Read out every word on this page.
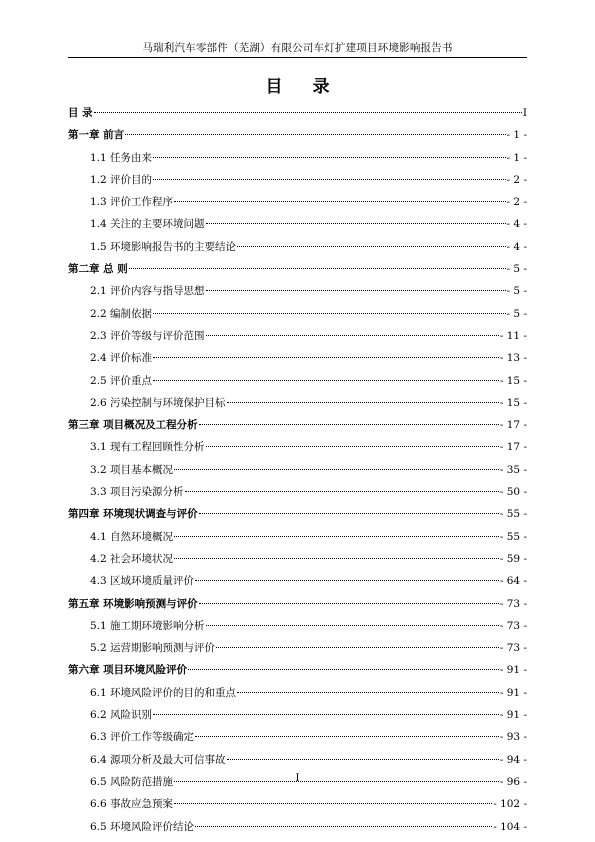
马瑞利汽车零部件（芜湖）有限公司车灯扩建项目环境影响报告书
目 录
目 录	I
第一章 前言	- 1 -
1.1 任务由来	- 1 -
1.2 评价目的	- 2 -
1.3 评价工作程序	- 2 -
1.4 关注的主要环境问题	- 4 -
1.5 环境影响报告书的主要结论	- 4 -
第二章 总 则	- 5 -
2.1 评价内容与指导思想	- 5 -
2.2 编制依据	- 5 -
2.3 评价等级与评价范围	- 11 -
2.4 评价标准	- 13 -
2.5 评价重点	- 15 -
2.6 污染控制与环境保护目标	- 15 -
第三章 项目概况及工程分析	- 17 -
3.1 现有工程回顾性分析	- 17 -
3.2 项目基本概况	- 35 -
3.3 项目污染源分析	- 50 -
第四章 环境现状调查与评价	- 55 -
4.1 自然环境概况	- 55 -
4.2 社会环境状况	- 59 -
4.3 区域环境质量评价	- 64 -
第五章 环境影响预测与评价	- 73 -
5.1 施工期环境影响分析	- 73 -
5.2 运营期影响预测与评价	- 73 -
第六章 项目环境风险评价	- 91 -
6.1 环境风险评价的目的和重点	- 91 -
6.2 风险识别	- 91 -
6.3 评价工作等级确定	- 93 -
6.4 源项分析及最大可信事故	- 94 -
6.5 风险防范措施	- 96 -
6.6 事故应急预案	- 102 -
6.5 环境风险评价结论	- 104 -
I
